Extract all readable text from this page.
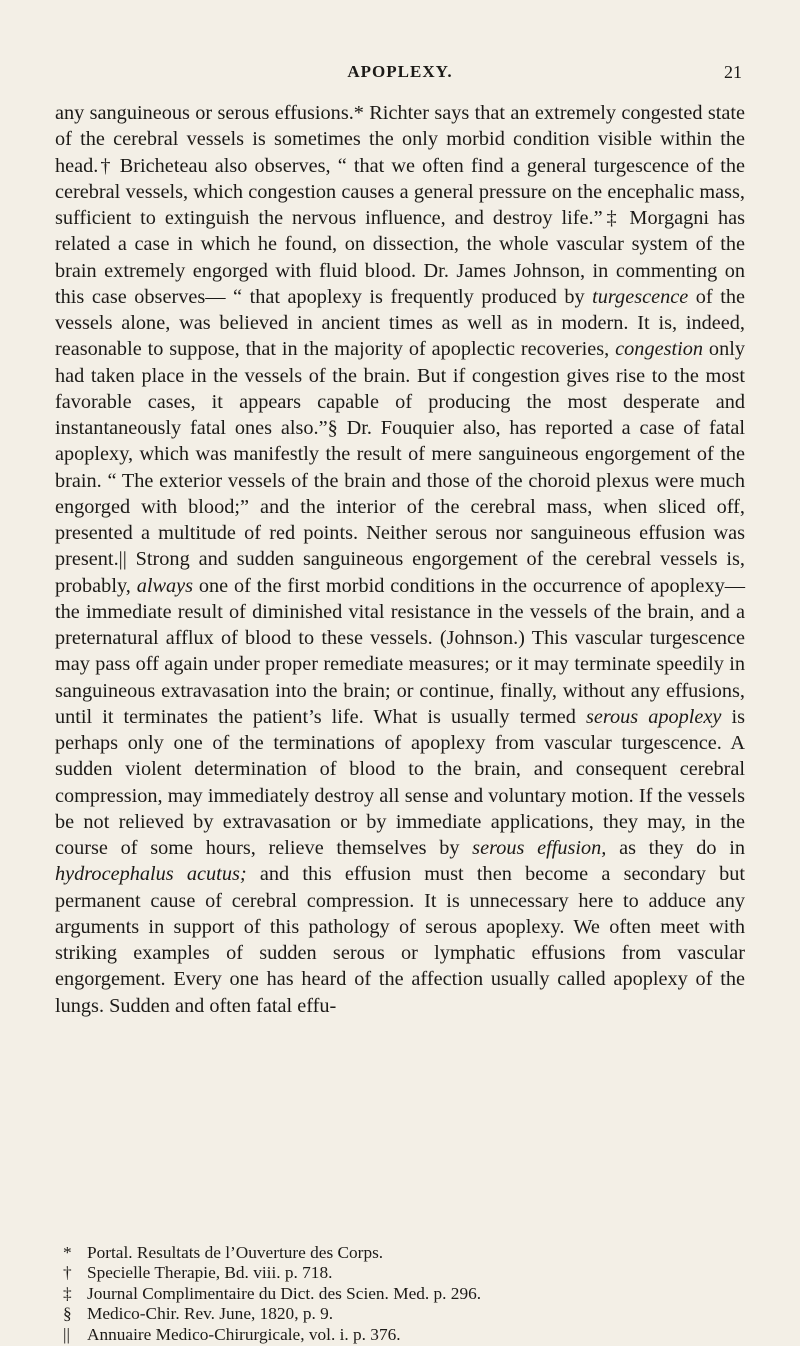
APOPLEXY.	21

any sanguineous or serous effusions.* Richter says that an extremely congested state of the cerebral vessels is sometimes the only morbid condition visible within the head.† Bricheteau also observes, “ that we often find a general turgescence of the cerebral vessels, which congestion causes a general pressure on the encephalic mass, sufficient to extinguish the nervous influence, and destroy life.”‡ Morgagni has related a case in which he found, on dissection, the whole vascular system of the brain extremely engorged with fluid blood. Dr. James Johnson, in commenting on this case observes— “ that apoplexy is frequently produced by turgescence of the vessels alone, was believed in ancient times as well as in modern. It is, indeed, reasonable to suppose, that in the majority of apoplectic recoveries, congestion only had taken place in the vessels of the brain. But if congestion gives rise to the most favorable cases, it appears capable of producing the most desperate and instantaneously fatal ones also.”§ Dr. Fouquier also, has reported a case of fatal apoplexy, which was manifestly the result of mere sanguineous engorgement of the brain. “ The exterior vessels of the brain and those of the choroid plexus were much engorged with blood;” and the interior of the cerebral mass, when sliced off, presented a multitude of red points. Neither serous nor sanguineous effusion was present.|| Strong and sudden sanguineous engorgement of the cerebral vessels is, probably, always one of the first morbid conditions in the occurrence of apoplexy—the immediate result of diminished vital resistance in the vessels of the brain, and a preternatural afflux of blood to these vessels. (Johnson.) This vascular turgescence may pass off again under proper remediate measures; or it may terminate speedily in sanguineous extravasation into the brain; or continue, finally, without any effusions, until it terminates the patient’s life. What is usually termed serous apoplexy is perhaps only one of the terminations of apoplexy from vascular turgescence. A sudden violent determination of blood to the brain, and consequent cerebral compression, may immediately destroy all sense and voluntary motion. If the vessels be not relieved by extravasation or by immediate applications, they may, in the course of some hours, relieve themselves by serous effusion, as they do in hydrocephalus acutus; and this effusion must then become a secondary but permanent cause of cerebral compression. It is unnecessary here to adduce any arguments in support of this pathology of serous apoplexy. We often meet with striking examples of sudden serous or lymphatic effusions from vascular engorgement. Every one has heard of the affection usually called apoplexy of the lungs. Sudden and often fatal effu-

* Portal. Resultats de l’Ouverture des Corps.

† Specielle Therapie, Bd. viii. p. 718.

‡ Journal Complimentaire du Dict. des Scien. Med. p. 296.

§ Medico-Chir. Rev. June, 1820, p. 9.

|| Annuaire Medico-Chirurgicale, vol. i. p. 376.
